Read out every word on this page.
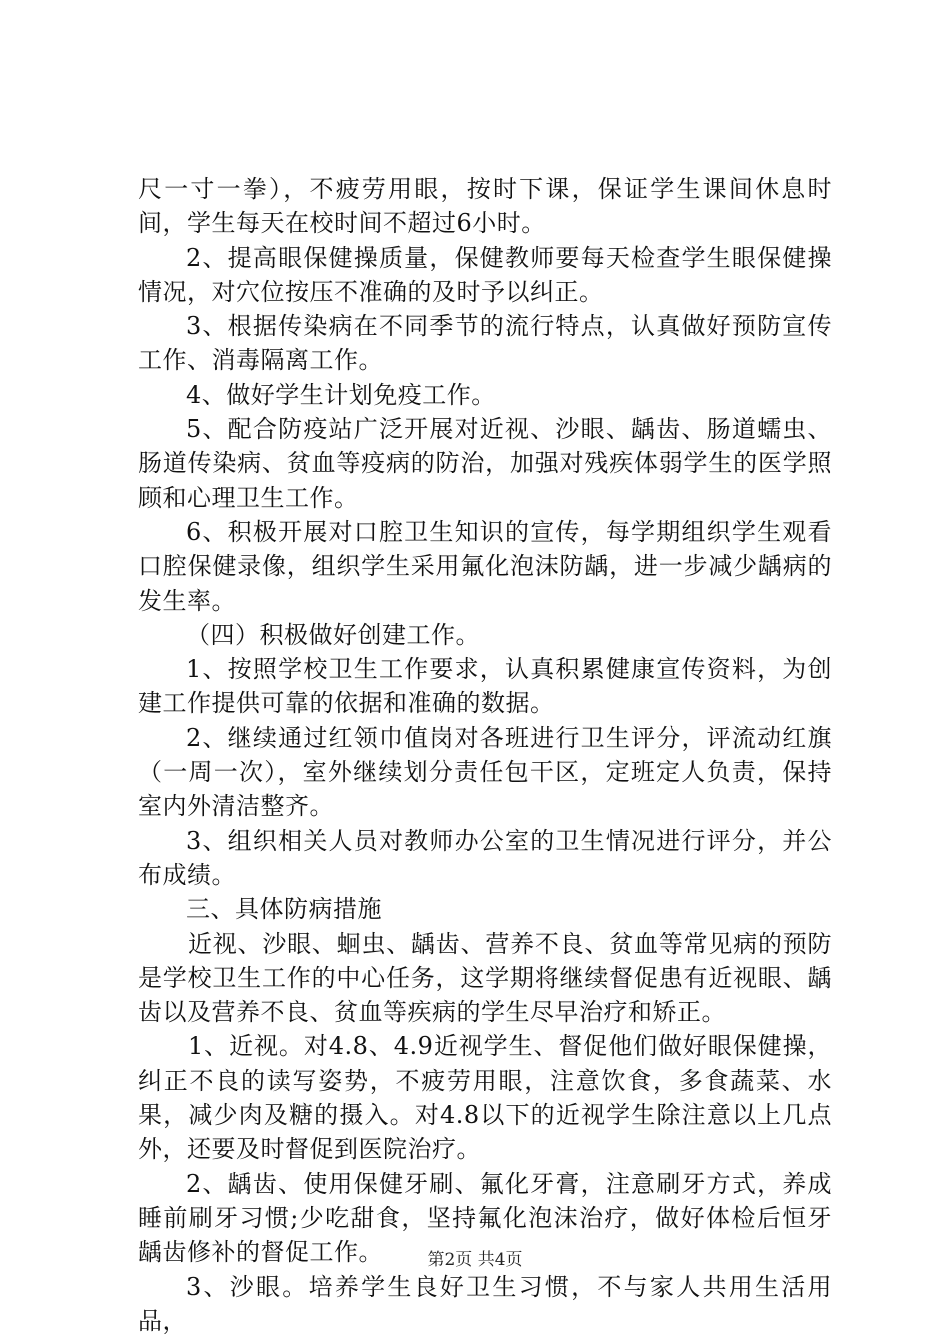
尺一寸一拳），不疲劳用眼，按时下课，保证学生课间休息时间，学生每天在校时间不超过6小时。

2、提高眼保健操质量，保健教师要每天检查学生眼保健操情况，对穴位按压不准确的及时予以纠正。

3、根据传染病在不同季节的流行特点，认真做好预防宣传工作、消毒隔离工作。

4、做好学生计划免疫工作。

5、配合防疫站广泛开展对近视、沙眼、龋齿、肠道蠕虫、肠道传染病、贫血等疫病的防治，加强对残疾体弱学生的医学照顾和心理卫生工作。

6、积极开展对口腔卫生知识的宣传，每学期组织学生观看口腔保健录像，组织学生采用氟化泡沫防龋，进一步减少龋病的发生率。

（四）积极做好创建工作。

1、按照学校卫生工作要求，认真积累健康宣传资料，为创建工作提供可靠的依据和准确的数据。

2、继续通过红领巾值岗对各班进行卫生评分，评流动红旗（一周一次），室外继续划分责任包干区，定班定人负责，保持室内外清洁整齐。

3、组织相关人员对教师办公室的卫生情况进行评分，并公布成绩。

三、具体防病措施

近视、沙眼、蛔虫、龋齿、营养不良、贫血等常见病的预防是学校卫生工作的中心任务，这学期将继续督促患有近视眼、龋齿以及营养不良、贫血等疾病的学生尽早治疗和矫正。

1、近视。对4.8、4.9近视学生、督促他们做好眼保健操，纠正不良的读写姿势，不疲劳用眼，注意饮食，多食蔬菜、水果，减少肉及糖的摄入。对4.8以下的近视学生除注意以上几点外，还要及时督促到医院治疗。

2、龋齿、使用保健牙刷、氟化牙膏，注意刷牙方式，养成睡前刷牙习惯;少吃甜食，坚持氟化泡沫治疗，做好体检后恒牙龋齿修补的督促工作。

3、沙眼。培养学生良好卫生习惯，不与家人共用生活用品，

第2页 共4页
